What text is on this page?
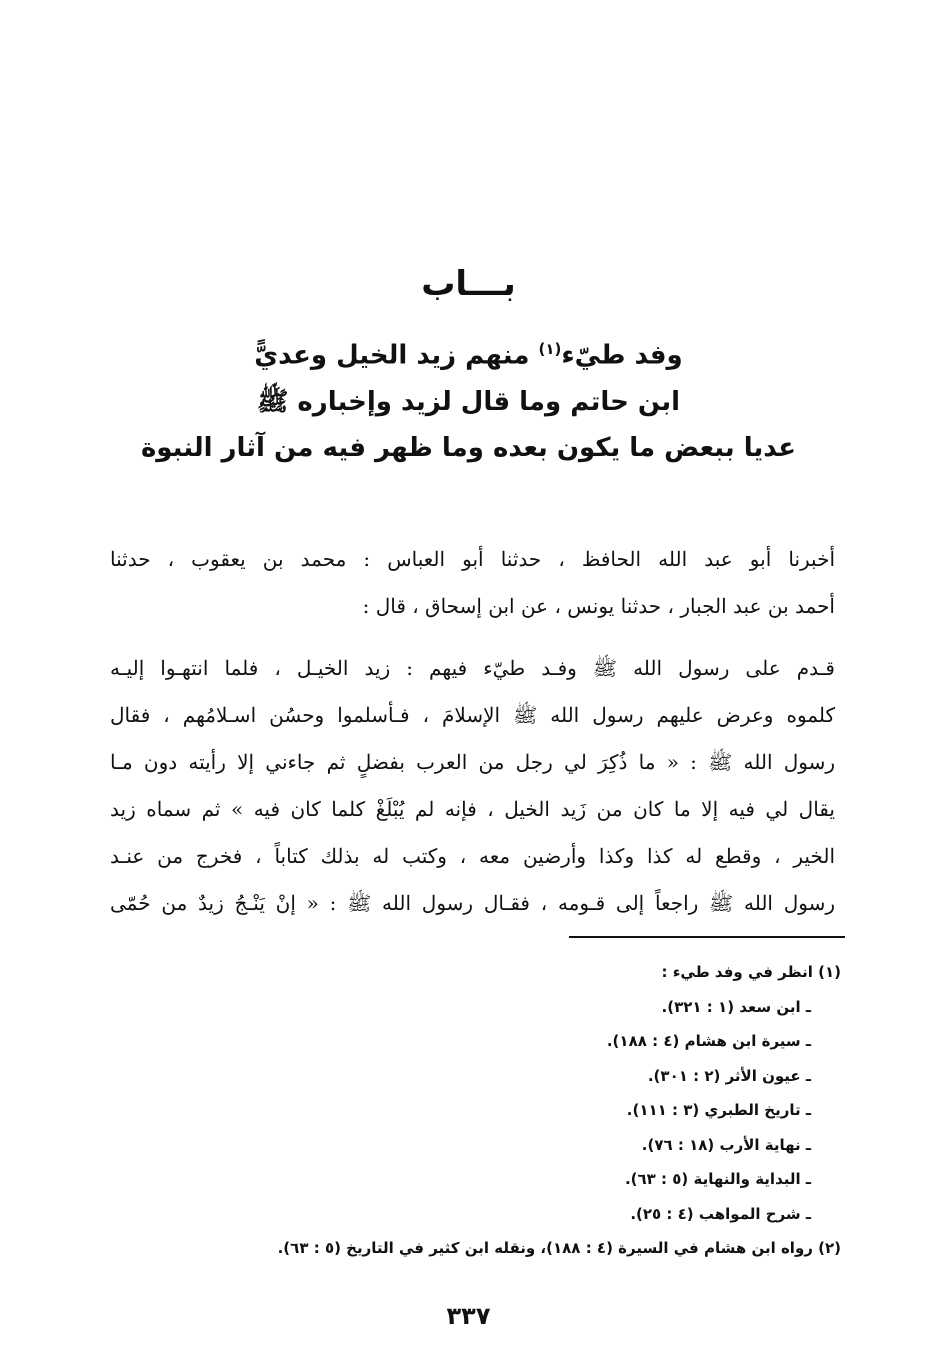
بـــاب
وفد طيّء$^{(١)}$ منهم زيد الخيل وعديًّ
ابن حاتم وما قال لزيد وإخباره ﷺ
عديا ببعض ما يكون بعده وما ظهر فيه من آثار النبوة
أخبرنا أبو عبد الله الحافظ ، حدثنا أبو العباس : محمد بن يعقوب ، حدثنا
أحمد بن عبد الجبار ، حدثنا يونس ، عن ابن إسحاق ، قال :
قـدم على رسول الله ﷺ وفـد طيّء فيهم : زيد الخيـل ، فلما انتهـوا إليـه
كلموه وعرض عليهم رسول الله ﷺ الإسلامَ ، فـأسلموا وحسُن اسـلامُهم ، فقال
رسول الله ﷺ : « ما ذُكِرَ لي رجل من العرب بفضلٍ ثم جاءني إلا رأيته دون مـا
يقال لي فيه إلا ما كان من زَيد الخيل ، فإنه لم يُبْلَغْ كلما كان فيه » ثم سماه زيد
الخير ، وقطع له كذا وكذا وأرضين معه ، وكتب له بذلك كتاباً ، فخرج من عنـد
رسول الله ﷺ راجعاً إلى قـومه ، فقـال رسول الله ﷺ : « إنْ يَنْـجُ زيدٌ من حُمّى
(١) انظر في وفد طيء :
ـ ابن سعد (١ : ٣٢١).
ـ سيرة ابن هشام (٤ : ١٨٨).
ـ عيون الأثر (٢ : ٣٠١).
ـ تاريخ الطبري (٣ : ١١١).
ـ نهاية الأرب (١٨ : ٧٦).
ـ البداية والنهاية (٥ : ٦٣).
ـ شرح المواهب (٤ : ٢٥).
(٢) رواه ابن هشام في السيرة (٤ : ١٨٨)، ونقله ابن كثير في التاريخ (٥ : ٦٣).
٣٣٧
